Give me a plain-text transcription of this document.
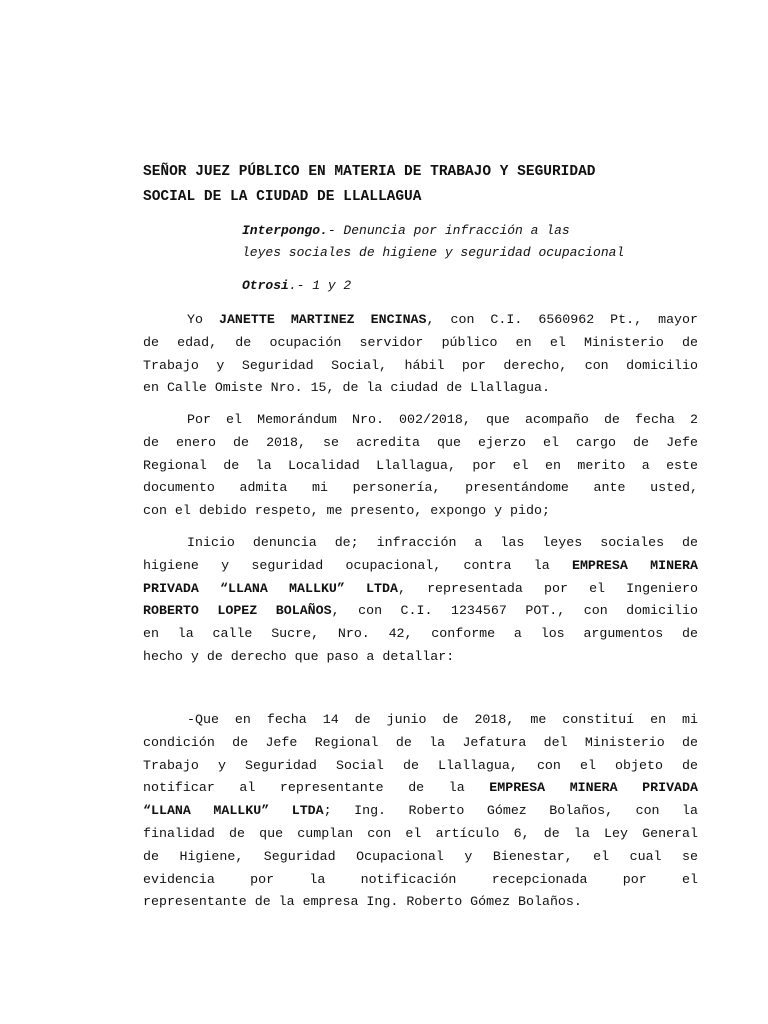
SEÑOR JUEZ PÚBLICO EN MATERIA DE TRABAJO Y SEGURIDAD
SOCIAL DE LA CIUDAD DE LLALLAGUA
Interpongo.- Denuncia por infracción a las
leyes sociales de higiene y seguridad ocupacional
Otrosi.- 1 y 2
Yo JANETTE MARTINEZ ENCINAS, con C.I. 6560962 Pt., mayor
de edad, de ocupación servidor público en el Ministerio de
Trabajo y Seguridad Social, hábil por derecho, con domicilio
en Calle Omiste Nro. 15, de la ciudad de Llallagua.
Por el Memorándum Nro. 002/2018, que acompaño de fecha 2
de enero de 2018, se acredita que ejerzo el cargo de Jefe
Regional de la Localidad Llallagua, por el en merito a este
documento admita mi personería, presentándome ante usted,
con el debido respeto, me presento, expongo y pido;
Inicio denuncia de; infracción a las leyes sociales de
higiene y seguridad ocupacional, contra la EMPRESA MINERA
PRIVADA “LLANA MALLKU” LTDA, representada por el Ingeniero
ROBERTO LOPEZ BOLAÑOS, con C.I. 1234567 POT., con domicilio
en la calle Sucre, Nro. 42, conforme a los argumentos de
hecho y de derecho que paso a detallar:
-Que en fecha 14 de junio de 2018, me constituí en mi
condición de Jefe Regional de la Jefatura del Ministerio de
Trabajo y Seguridad Social de Llallagua, con el objeto de
notificar al representante de la EMPRESA MINERA PRIVADA
“LLANA MALLKU” LTDA; Ing. Roberto Gómez Bolaños, con la
finalidad de que cumplan con el artículo 6, de la Ley General
de Higiene, Seguridad Ocupacional y Bienestar, el cual se
evidencia por la notificación recepcionada por el
representante de la empresa Ing. Roberto Gómez Bolaños.
